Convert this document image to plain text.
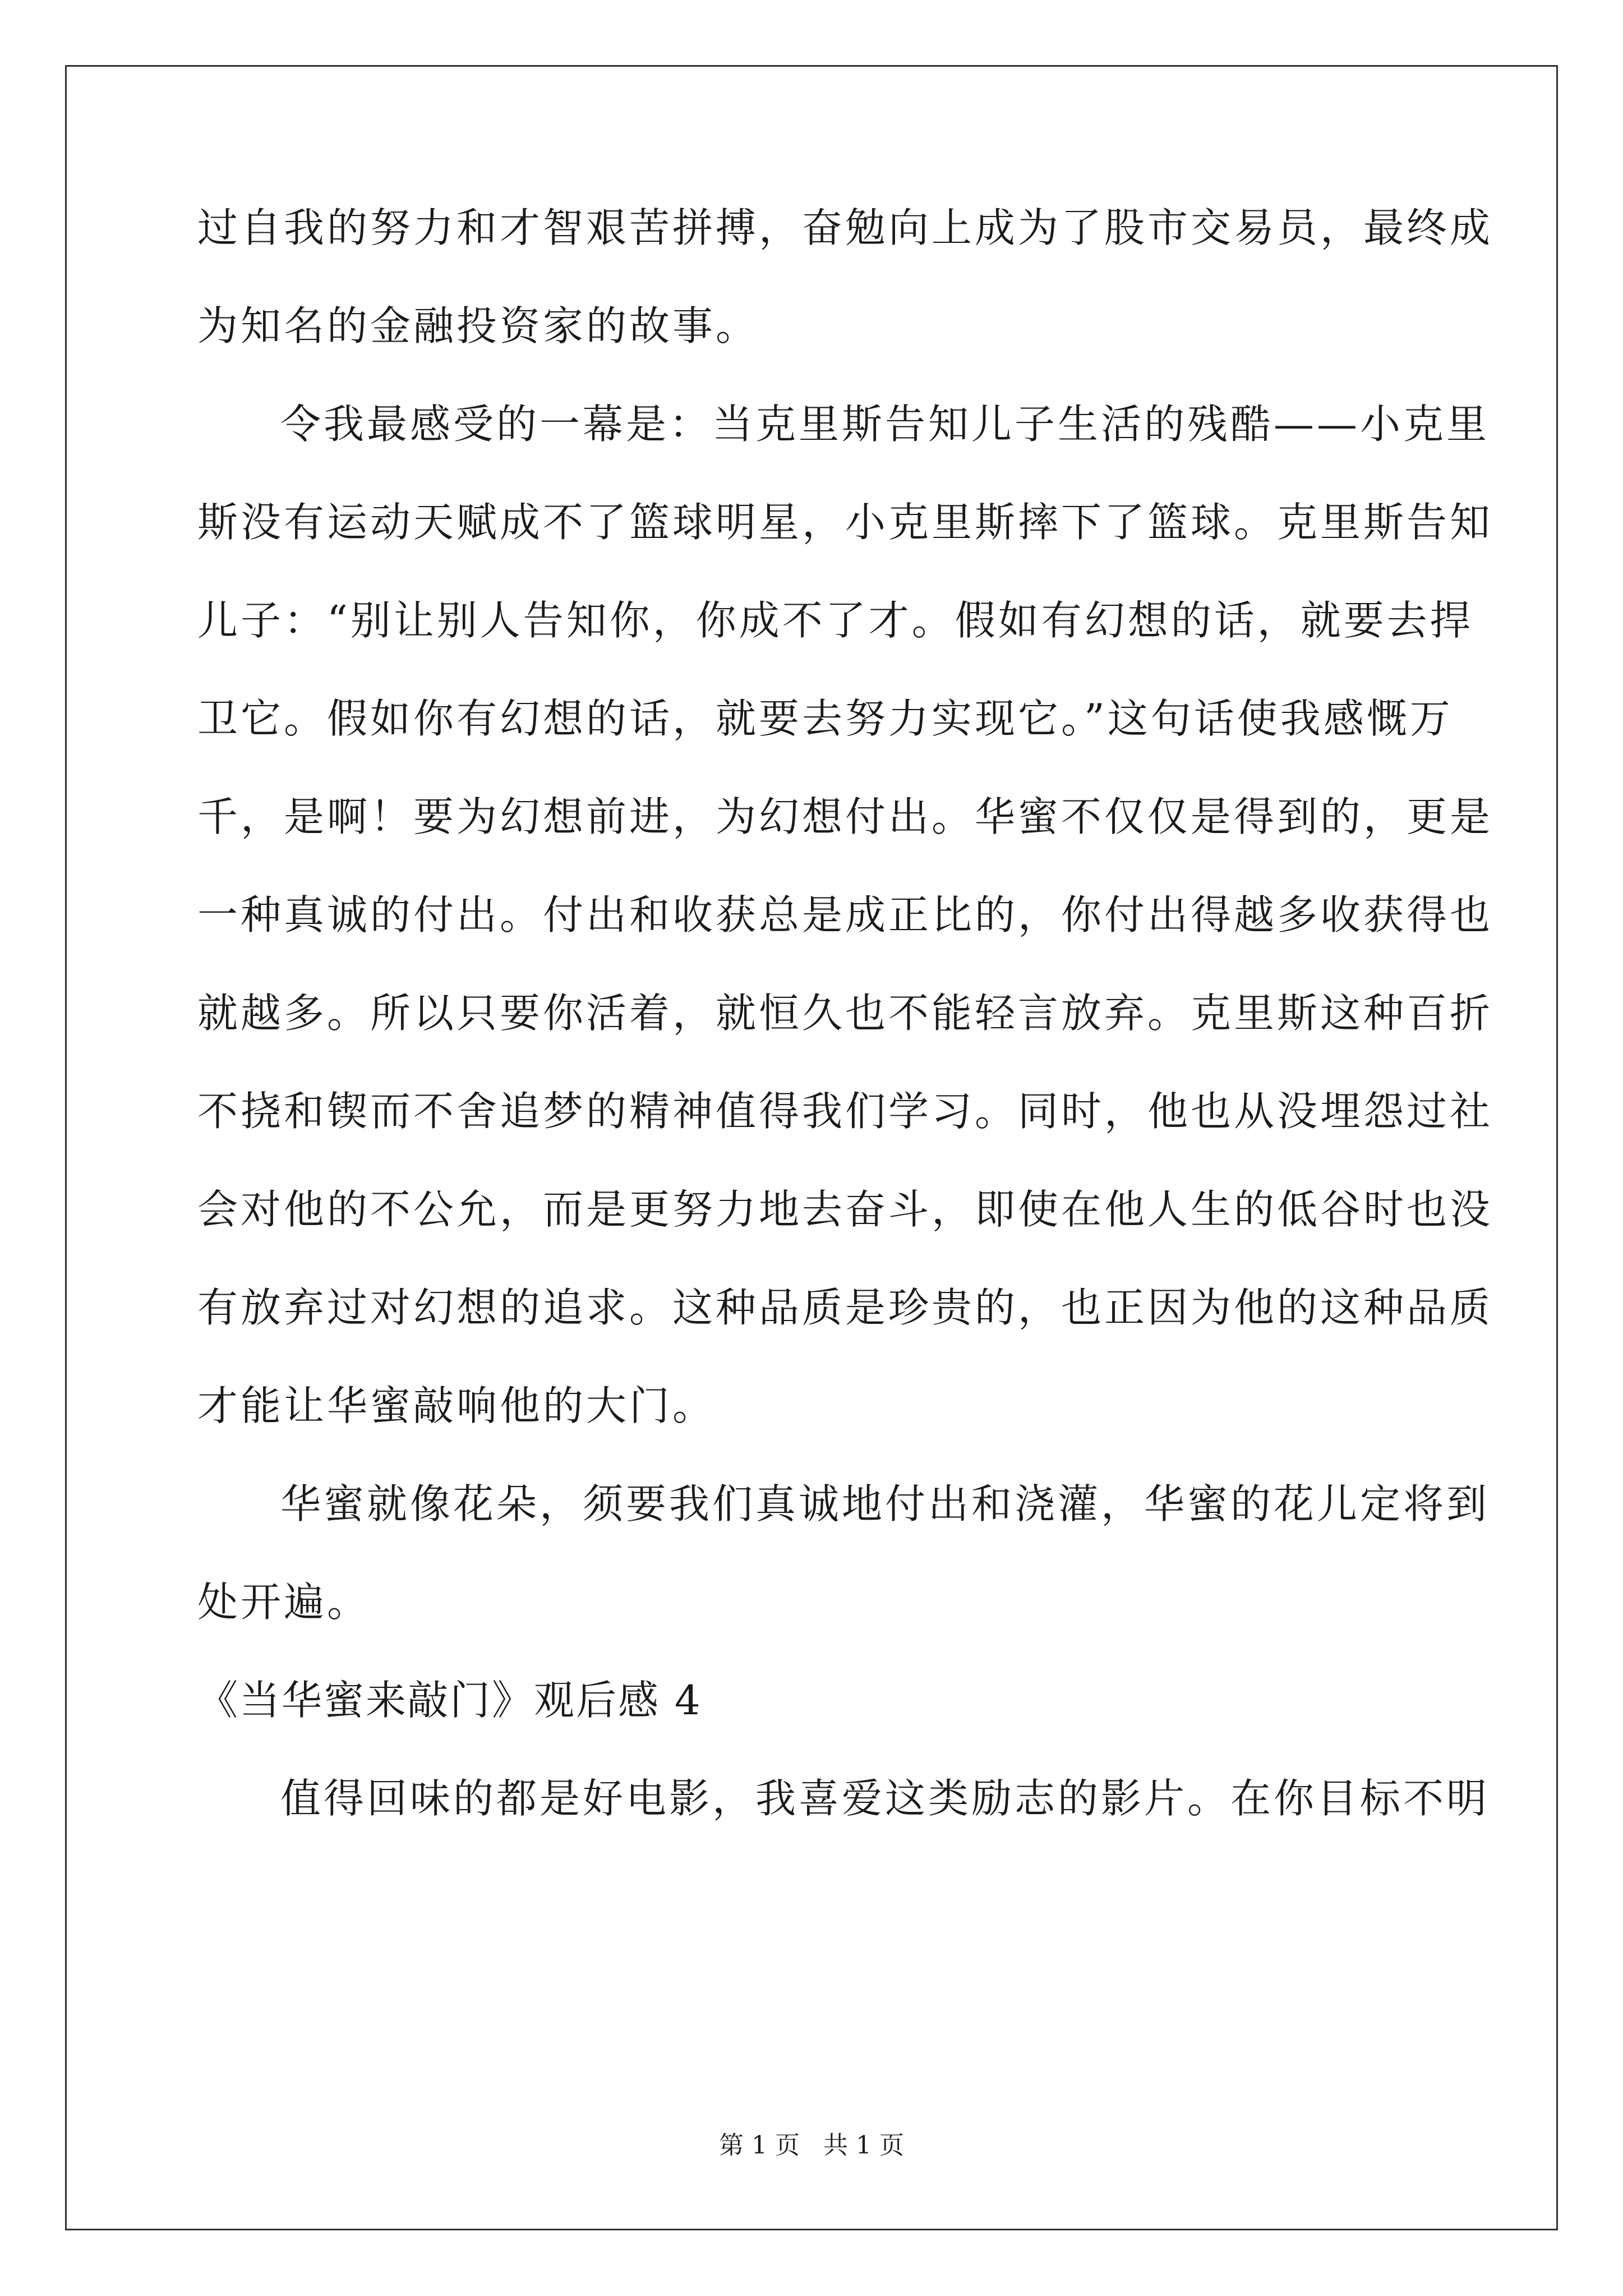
过自我的努力和才智艰苦拼搏，奋勉向上成为了股市交易员，最终成
为知名的金融投资家的故事。
令我最感受的一幕是：当克里斯告知儿子生活的残酷——小克里
斯没有运动天赋成不了篮球明星，小克里斯摔下了篮球。克里斯告知
儿子：“别让别人告知你，你成不了才。假如有幻想的话，就要去捍
卫它。假如你有幻想的话，就要去努力实现它。”这句话使我感慨万
千，是啊！要为幻想前进，为幻想付出。华蜜不仅仅是得到的，更是
一种真诚的付出。付出和收获总是成正比的，你付出得越多收获得也
就越多。所以只要你活着，就恒久也不能轻言放弃。克里斯这种百折
不挠和锲而不舍追梦的精神值得我们学习。同时，他也从没埋怨过社
会对他的不公允，而是更努力地去奋斗，即使在他人生的低谷时也没
有放弃过对幻想的追求。这种品质是珍贵的，也正因为他的这种品质
才能让华蜜敲响他的大门。
华蜜就像花朵，须要我们真诚地付出和浇灌，华蜜的花儿定将到
处开遍。
《当华蜜来敲门》观后感 4
值得回味的都是好电影，我喜爱这类励志的影片。在你目标不明
第 1 页 共 1 页
